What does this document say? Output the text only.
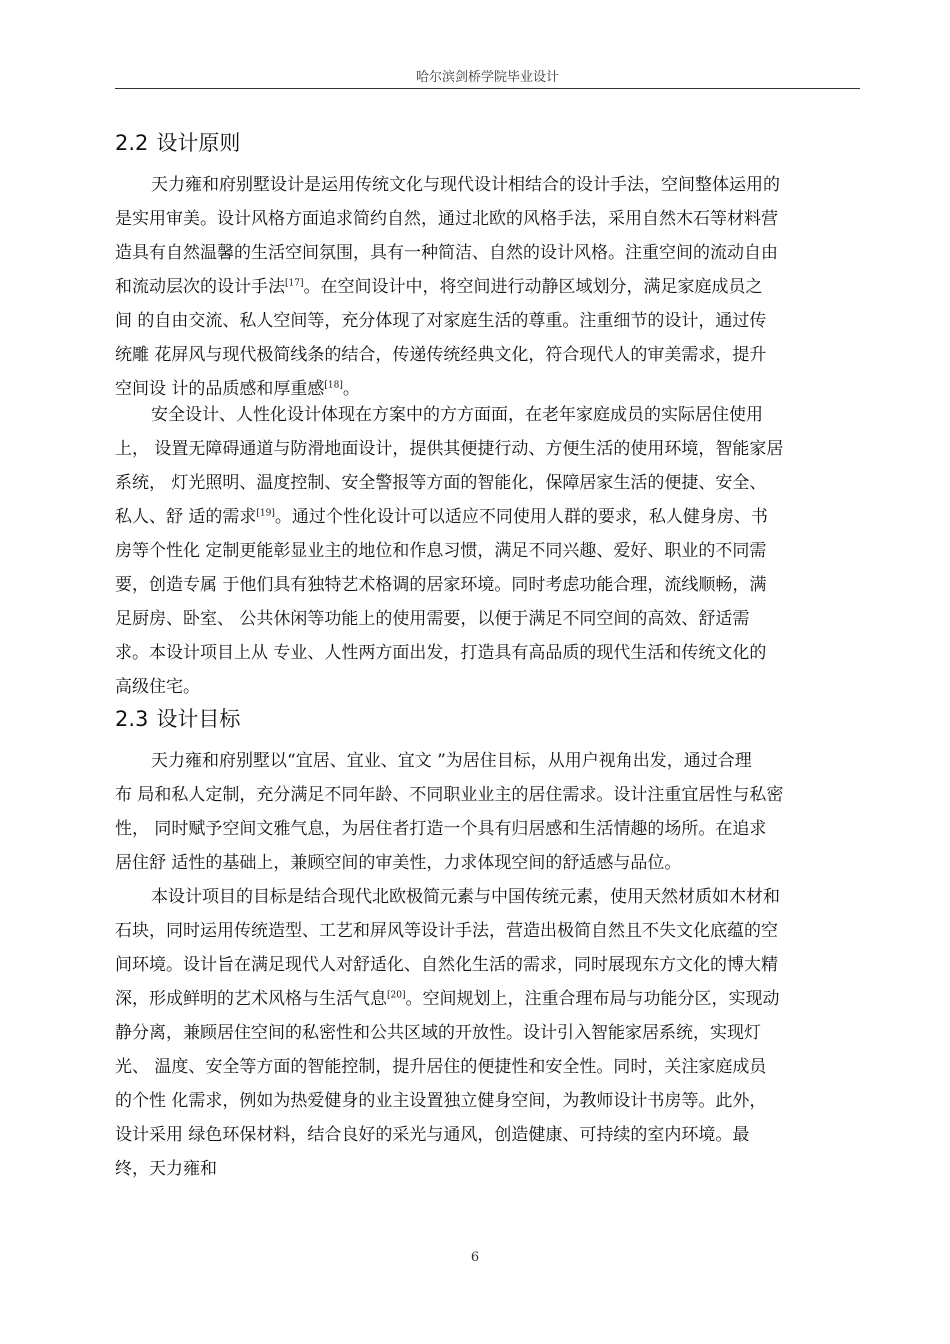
哈尔滨剑桥学院毕业设计
2.2 设计原则
天力雍和府别墅设计是运用传统文化与现代设计相结合的设计手法，空间整体运用的
是实用审美。设计风格方面追求简约自然，通过北欧的风格手法，采用自然木石等材料营
造具有自然温馨的生活空间氛围，具有一种简洁、自然的设计风格。注重空间的流动自由
和流动层次的设计手法[17]。在空间设计中，将空间进行动静区域划分，满足家庭成员之
间 的自由交流、私人空间等，充分体现了对家庭生活的尊重。注重细节的设计，通过传
统雕 花屏风与现代极简线条的结合，传递传统经典文化，符合现代人的审美需求，提升
空间设 计的品质感和厚重感[18]。
安全设计、人性化设计体现在方案中的方方面面，在老年家庭成员的实际居住使用
上， 设置无障碍通道与防滑地面设计，提供其便捷行动、方便生活的使用环境，智能家居
系统， 灯光照明、温度控制、安全警报等方面的智能化，保障居家生活的便捷、安全、
私人、舒 适的需求[19]。通过个性化设计可以适应不同使用人群的要求，私人健身房、书
房等个性化 定制更能彰显业主的地位和作息习惯，满足不同兴趣、爱好、职业的不同需
要，创造专属 于他们具有独特艺术格调的居家环境。同时考虑功能合理，流线顺畅，满
足厨房、卧室、 公共休闲等功能上的使用需要，以便于满足不同空间的高效、舒适需
求。本设计项目上从 专业、人性两方面出发，打造具有高品质的现代生活和传统文化的
高级住宅。
2.3 设计目标
天力雍和府别墅以“宜居、宜业、宜文 ”为居住目标，从用户视角出发，通过合理
布 局和私人定制，充分满足不同年龄、不同职业业主的居住需求。设计注重宜居性与私密
性， 同时赋予空间文雅气息，为居住者打造一个具有归居感和生活情趣的场所。在追求
居住舒 适性的基础上，兼顾空间的审美性，力求体现空间的舒适感与品位。
本设计项目的目标是结合现代北欧极简元素与中国传统元素，使用天然材质如木材和
石块，同时运用传统造型、工艺和屏风等设计手法，营造出极简自然且不失文化底蕴的空
间环境。设计旨在满足现代人对舒适化、自然化生活的需求，同时展现东方文化的博大精
深，形成鲜明的艺术风格与生活气息[20]。空间规划上，注重合理布局与功能分区，实现动
静分离，兼顾居住空间的私密性和公共区域的开放性。设计引入智能家居系统，实现灯
光、 温度、安全等方面的智能控制，提升居住的便捷性和安全性。同时，关注家庭成员
的个性 化需求，例如为热爱健身的业主设置独立健身空间，为教师设计书房等。此外，
设计采用 绿色环保材料，结合良好的采光与通风，创造健康、可持续的室内环境。最
终，天力雍和
6
